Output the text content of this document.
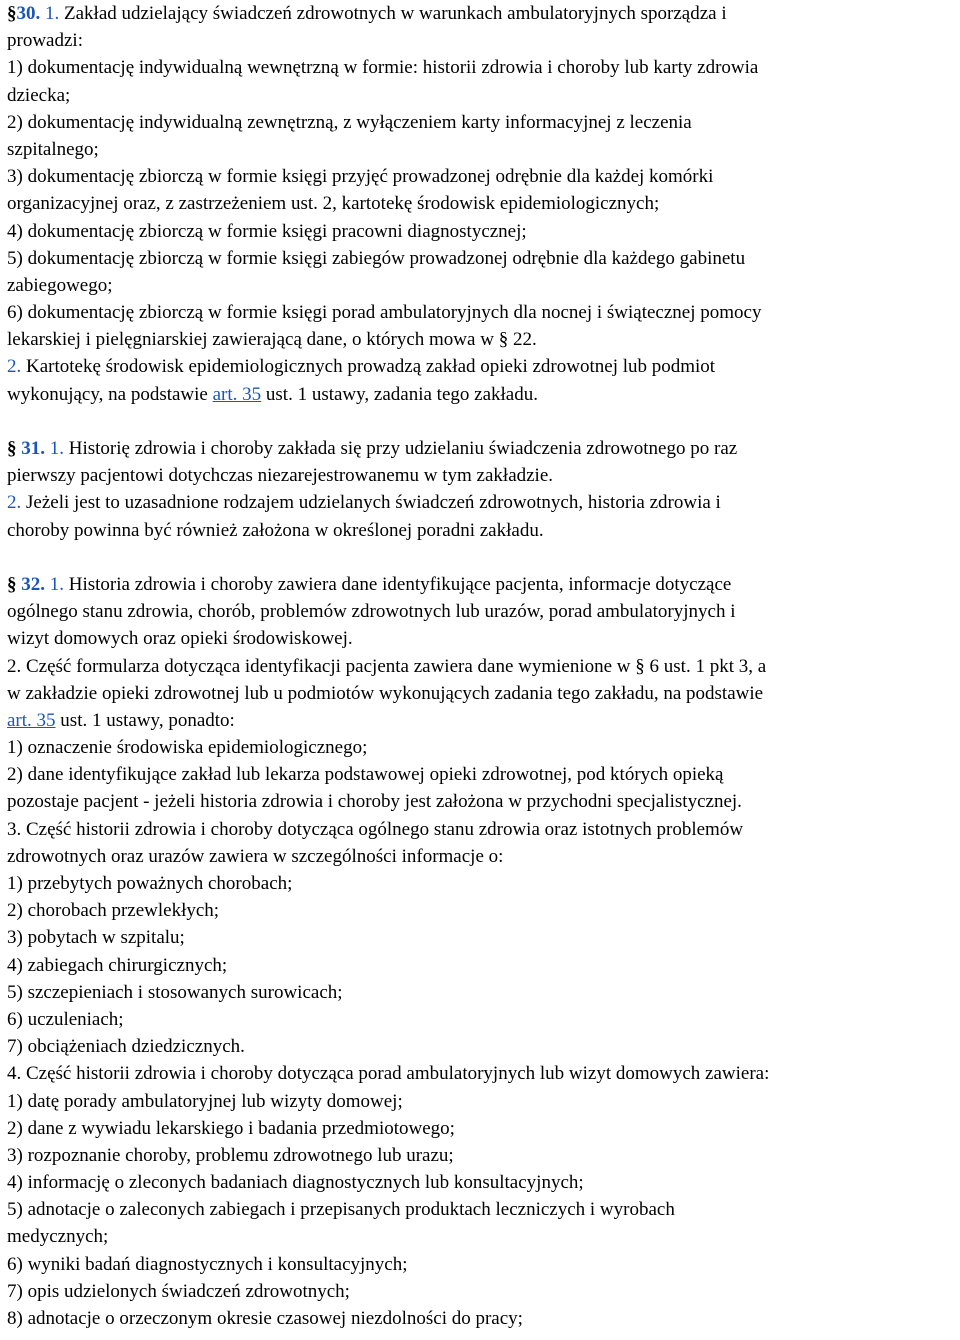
§30. 1. Zakład udzielający świadczeń zdrowotnych w warunkach ambulatoryjnych sporządza i
prowadzi:
1) dokumentację indywidualną wewnętrzną w formie: historii zdrowia i choroby lub karty zdrowia
dziecka;
2) dokumentację indywidualną zewnętrzną, z wyłączeniem karty informacyjnej z leczenia
szpitalnego;
3) dokumentację zbiorczą w formie księgi przyjęć prowadzonej odrębnie dla każdej komórki
organizacyjnej oraz, z zastrzeżeniem ust. 2, kartotekę środowisk epidemiologicznych;
4) dokumentację zbiorczą w formie księgi pracowni diagnostycznej;
5) dokumentację zbiorczą w formie księgi zabiegów prowadzonej odrębnie dla każdego gabinetu
zabiegowego;
6) dokumentację zbiorczą w formie księgi porad ambulatoryjnych dla nocnej i świątecznej pomocy
lekarskiej i pielęgniarskiej zawierającą dane, o których mowa w § 22.
2. Kartotekę środowisk epidemiologicznych prowadzą zakład opieki zdrowotnej lub podmiot
wykonujący, na podstawie art. 35 ust. 1 ustawy, zadania tego zakładu.
§ 31. 1. Historię zdrowia i choroby zakłada się przy udzielaniu świadczenia zdrowotnego po raz
pierwszy pacjentowi dotychczas niezarejestrowanemu w tym zakładzie.
2. Jeżeli jest to uzasadnione rodzajem udzielanych świadczeń zdrowotnych, historia zdrowia i
choroby powinna być również założona w określonej poradni zakładu.
§ 32. 1. Historia zdrowia i choroby zawiera dane identyfikujące pacjenta, informacje dotyczące
ogólnego stanu zdrowia, chorób, problemów zdrowotnych lub urazów, porad ambulatoryjnych i
wizyt domowych oraz opieki środowiskowej.
2. Część formularza dotycząca identyfikacji pacjenta zawiera dane wymienione w § 6 ust. 1 pkt 3, a
w zakładzie opieki zdrowotnej lub u podmiotów wykonujących zadania tego zakładu, na podstawie
art. 35 ust. 1 ustawy, ponadto:
1) oznaczenie środowiska epidemiologicznego;
2) dane identyfikujące zakład lub lekarza podstawowej opieki zdrowotnej, pod których opieką
pozostaje pacjent - jeżeli historia zdrowia i choroby jest założona w przychodni specjalistycznej.
3. Część historii zdrowia i choroby dotycząca ogólnego stanu zdrowia oraz istotnych problemów
zdrowotnych oraz urazów zawiera w szczególności informacje o:
1) przebytych poważnych chorobach;
2) chorobach przewlekłych;
3) pobytach w szpitalu;
4) zabiegach chirurgicznych;
5) szczepieniach i stosowanych surowicach;
6) uczuleniach;
7) obciążeniach dziedzicznych.
4. Część historii zdrowia i choroby dotycząca porad ambulatoryjnych lub wizyt domowych zawiera:
1) datę porady ambulatoryjnej lub wizyty domowej;
2) dane z wywiadu lekarskiego i badania przedmiotowego;
3) rozpoznanie choroby, problemu zdrowotnego lub urazu;
4) informację o zleconych badaniach diagnostycznych lub konsultacyjnych;
5) adnotacje o zaleconych zabiegach i przepisanych produktach leczniczych i wyrobach
medycznych;
6) wyniki badań diagnostycznych i konsultacyjnych;
7) opis udzielonych świadczeń zdrowotnych;
8) adnotacje o orzeczonym okresie czasowej niezdolności do pracy;
